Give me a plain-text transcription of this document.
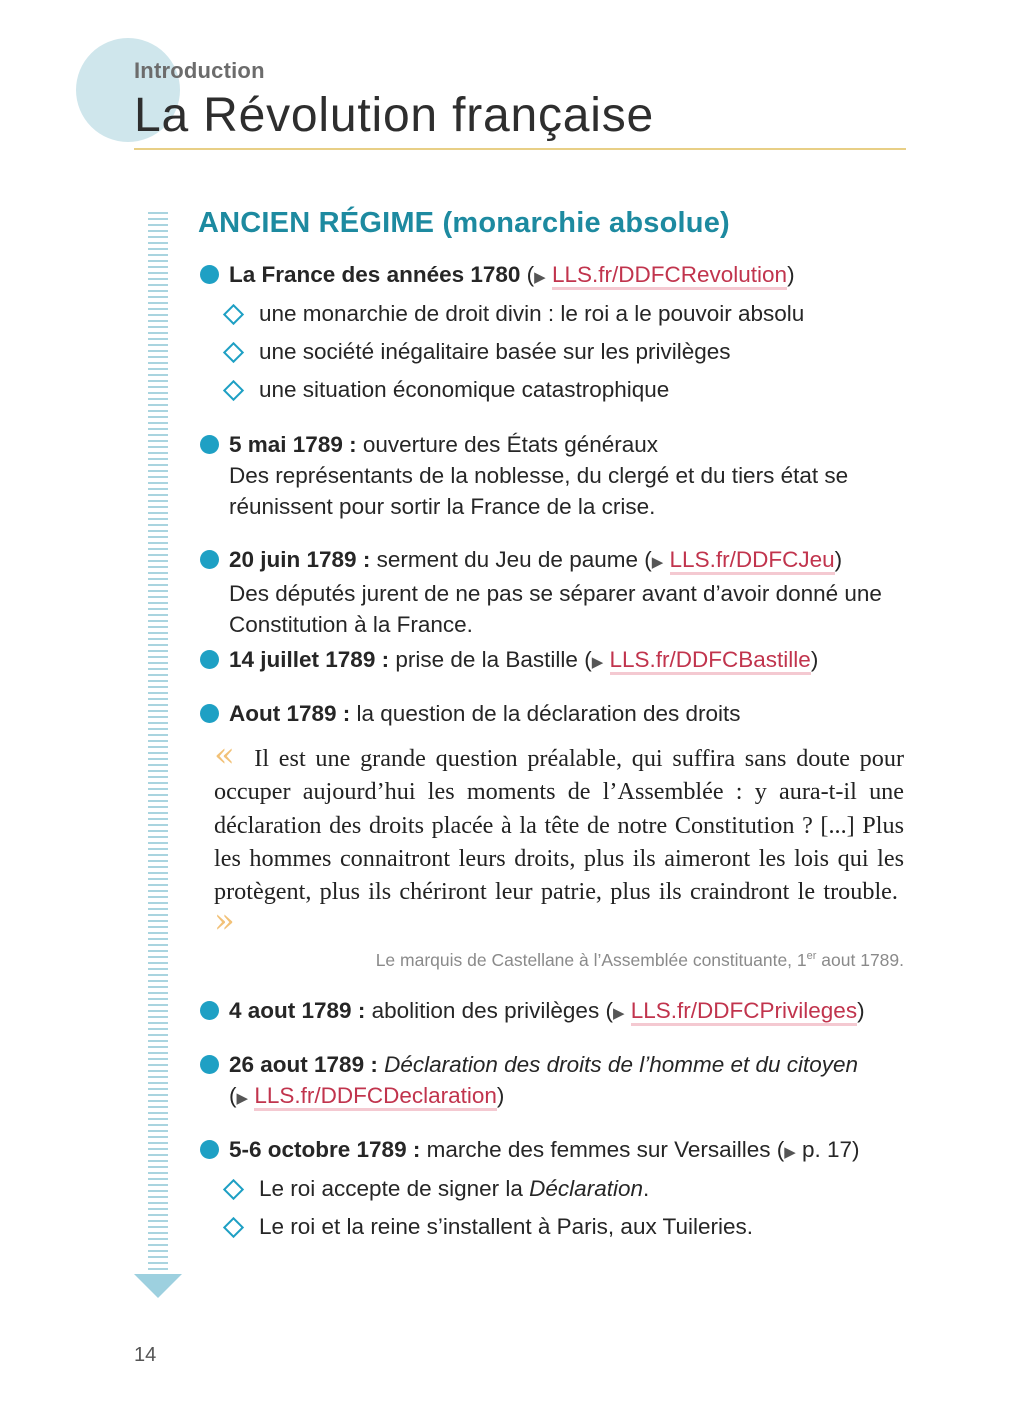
Introduction
La Révolution française
ANCIEN RÉGIME (monarchie absolue)
La France des années 1780 (▶ LLS.fr/DDFCRevolution)
une monarchie de droit divin : le roi a le pouvoir absolu
une société inégalitaire basée sur les privilèges
une situation économique catastrophique
5 mai 1789 : ouverture des États généraux
Des représentants de la noblesse, du clergé et du tiers état se réunissent pour sortir la France de la crise.
20 juin 1789 : serment du Jeu de paume (▶ LLS.fr/DDFCJeu)
Des députés jurent de ne pas se séparer avant d’avoir donné une Constitution à la France.
14 juillet 1789 : prise de la Bastille (▶ LLS.fr/DDFCBastille)
Aout 1789 : la question de la déclaration des droits
« Il est une grande question préalable, qui suffira sans doute pour occuper aujourd’hui les moments de l’Assemblée : y aura-t-il une déclaration des droits placée à la tête de notre Constitution ? [...] Plus les hommes connaitront leurs droits, plus ils aimeront les lois qui les protègent, plus ils chériront leur patrie, plus ils craindront le trouble.  »
Le marquis de Castellane à l’Assemblée constituante, 1er aout 1789.
4 aout 1789 : abolition des privilèges (▶ LLS.fr/DDFCPrivileges)
26 aout 1789 : Déclaration des droits de l’homme et du citoyen
(▶ LLS.fr/DDFCDeclaration)
5-6 octobre 1789 : marche des femmes sur Versailles (▶ p. 17)
Le roi accepte de signer la Déclaration.
Le roi et la reine s’installent à Paris, aux Tuileries.
14
